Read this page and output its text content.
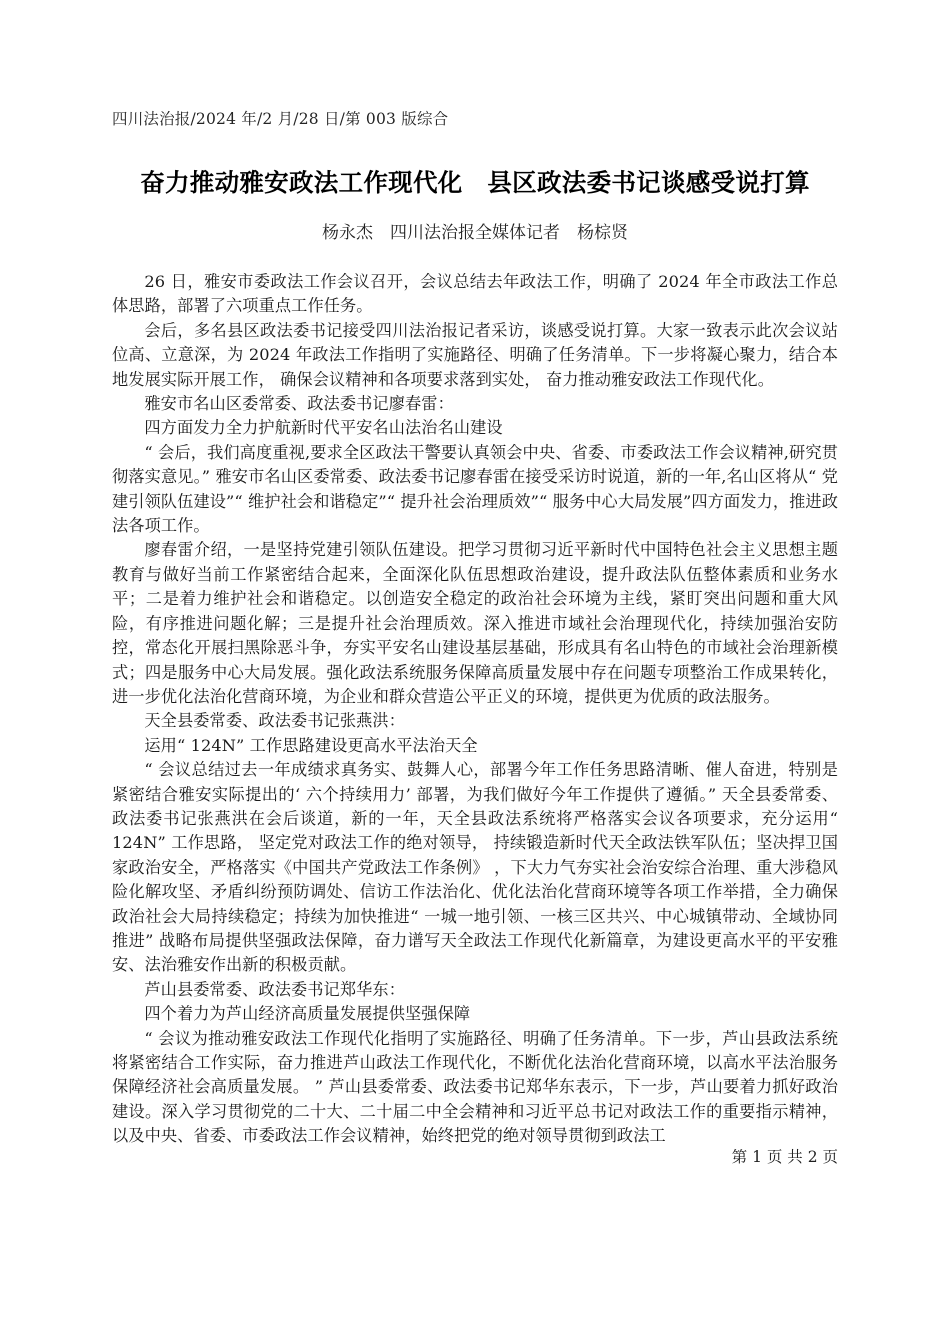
四川法治报/2024 年/2 月/28 日/第 003 版综合
奋力推动雅安政法工作现代化　县区政法委书记谈感受说打算
杨永杰　四川法治报全媒体记者　杨棕贤

26 日，雅安市委政法工作会议召开，会议总结去年政法工作，明确了 2024 年全市政法工作总体思路，部署了六项重点工作任务。

会后，多名县区政法委书记接受四川法治报记者采访，谈感受说打算。大家一致表示此次会议站位高、立意深，为 2024 年政法工作指明了实施路径、明确了任务清单。下一步将凝心聚力，结合本地发展实际开展工作， 确保会议精神和各项要求落到实处， 奋力推动雅安政法工作现代化。

雅安市名山区委常委、政法委书记廖春雷：

四方面发力全力护航新时代平安名山法治名山建设

“ 会后，我们高度重视,要求全区政法干警要认真领会中央、省委、市委政法工作会议精神,研究贯彻落实意见。” 雅安市名山区委常委、政法委书记廖春雷在接受采访时说道，新的一年,名山区将从“ 党建引领队伍建设”“ 维护社会和谐稳定”“ 提升社会治理质效”“ 服务中心大局发展”四方面发力，推进政法各项工作。

廖春雷介绍，一是坚持党建引领队伍建设。把学习贯彻习近平新时代中国特色社会主义思想主题教育与做好当前工作紧密结合起来，全面深化队伍思想政治建设，提升政法队伍整体素质和业务水平；二是着力维护社会和谐稳定。以创造安全稳定的政治社会环境为主线，紧盯突出问题和重大风险，有序推进问题化解；三是提升社会治理质效。深入推进市域社会治理现代化，持续加强治安防控，常态化开展扫黑除恶斗争，夯实平安名山建设基层基础，形成具有名山特色的市域社会治理新模式；四是服务中心大局发展。强化政法系统服务保障高质量发展中存在问题专项整治工作成果转化，进一步优化法治化营商环境，为企业和群众营造公平正义的环境，提供更为优质的政法服务。

天全县委常委、政法委书记张燕洪：

运用“ 124N” 工作思路建设更高水平法治天全

“ 会议总结过去一年成绩求真务实、鼓舞人心，部署今年工作任务思路清晰、催人奋进，特别是紧密结合雅安实际提出的‘ 六个持续用力’ 部署，为我们做好今年工作提供了遵循。” 天全县委常委、政法委书记张燕洪在会后谈道，新的一年，天全县政法系统将严格落实会议各项要求，充分运用“ 124N” 工作思路， 坚定党对政法工作的绝对领导， 持续锻造新时代天全政法铁军队伍；坚决捍卫国家政治安全，严格落实《中国共产党政法工作条例》 ，下大力气夯实社会治安综合治理、重大涉稳风险化解攻坚、矛盾纠纷预防调处、信访工作法治化、优化法治化营商环境等各项工作举措，全力确保政治社会大局持续稳定；持续为加快推进“ 一城一地引领、一核三区共兴、中心城镇带动、全域协同推进” 战略布局提供坚强政法保障，奋力谱写天全政法工作现代化新篇章，为建设更高水平的平安雅安、法治雅安作出新的积极贡献。

芦山县委常委、政法委书记郑华东：

四个着力为芦山经济高质量发展提供坚强保障

“ 会议为推动雅安政法工作现代化指明了实施路径、明确了任务清单。下一步，芦山县政法系统将紧密结合工作实际，奋力推进芦山政法工作现代化，不断优化法治化营商环境，以高水平法治服务保障经济社会高质量发展。 ” 芦山县委常委、政法委书记郑华东表示，下一步，芦山要着力抓好政治建设。深入学习贯彻党的二十大、二十届二中全会精神和习近平总书记对政法工作的重要指示精神，以及中央、省委、市委政法工作会议精神，始终把党的绝对领导贯彻到政法工

第 1 页 共 2 页
